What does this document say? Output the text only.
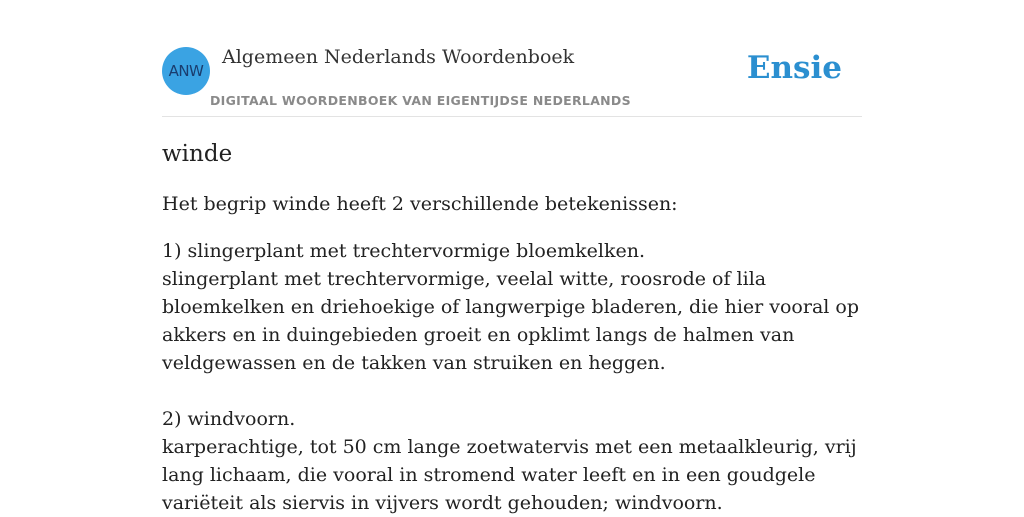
ANW
Algemeen Nederlands Woordenboek
DIGITAAL WOORDENBOEK VAN EIGENTIJDSE NEDERLANDS
Ensie
winde

Het begrip winde heeft 2 verschillende betekenissen:

1) slingerplant met trechtervormige bloemkelken.

slingerplant met trechtervormige, veelal witte, roosrode of lila bloemkelken en driehoekige of langwerpige bladeren, die hier vooral op akkers en in duingebieden groeit en opklimt langs de halmen van veldgewassen en de takken van struiken en heggen.

2) windvoorn.

karperachtige, tot 50 cm lange zoetwatervis met een metaalkleurig, vrij lang lichaam, die vooral in stromend water leeft en in een goudgele variëteit als siervis in vijvers wordt gehouden; windvoorn.
